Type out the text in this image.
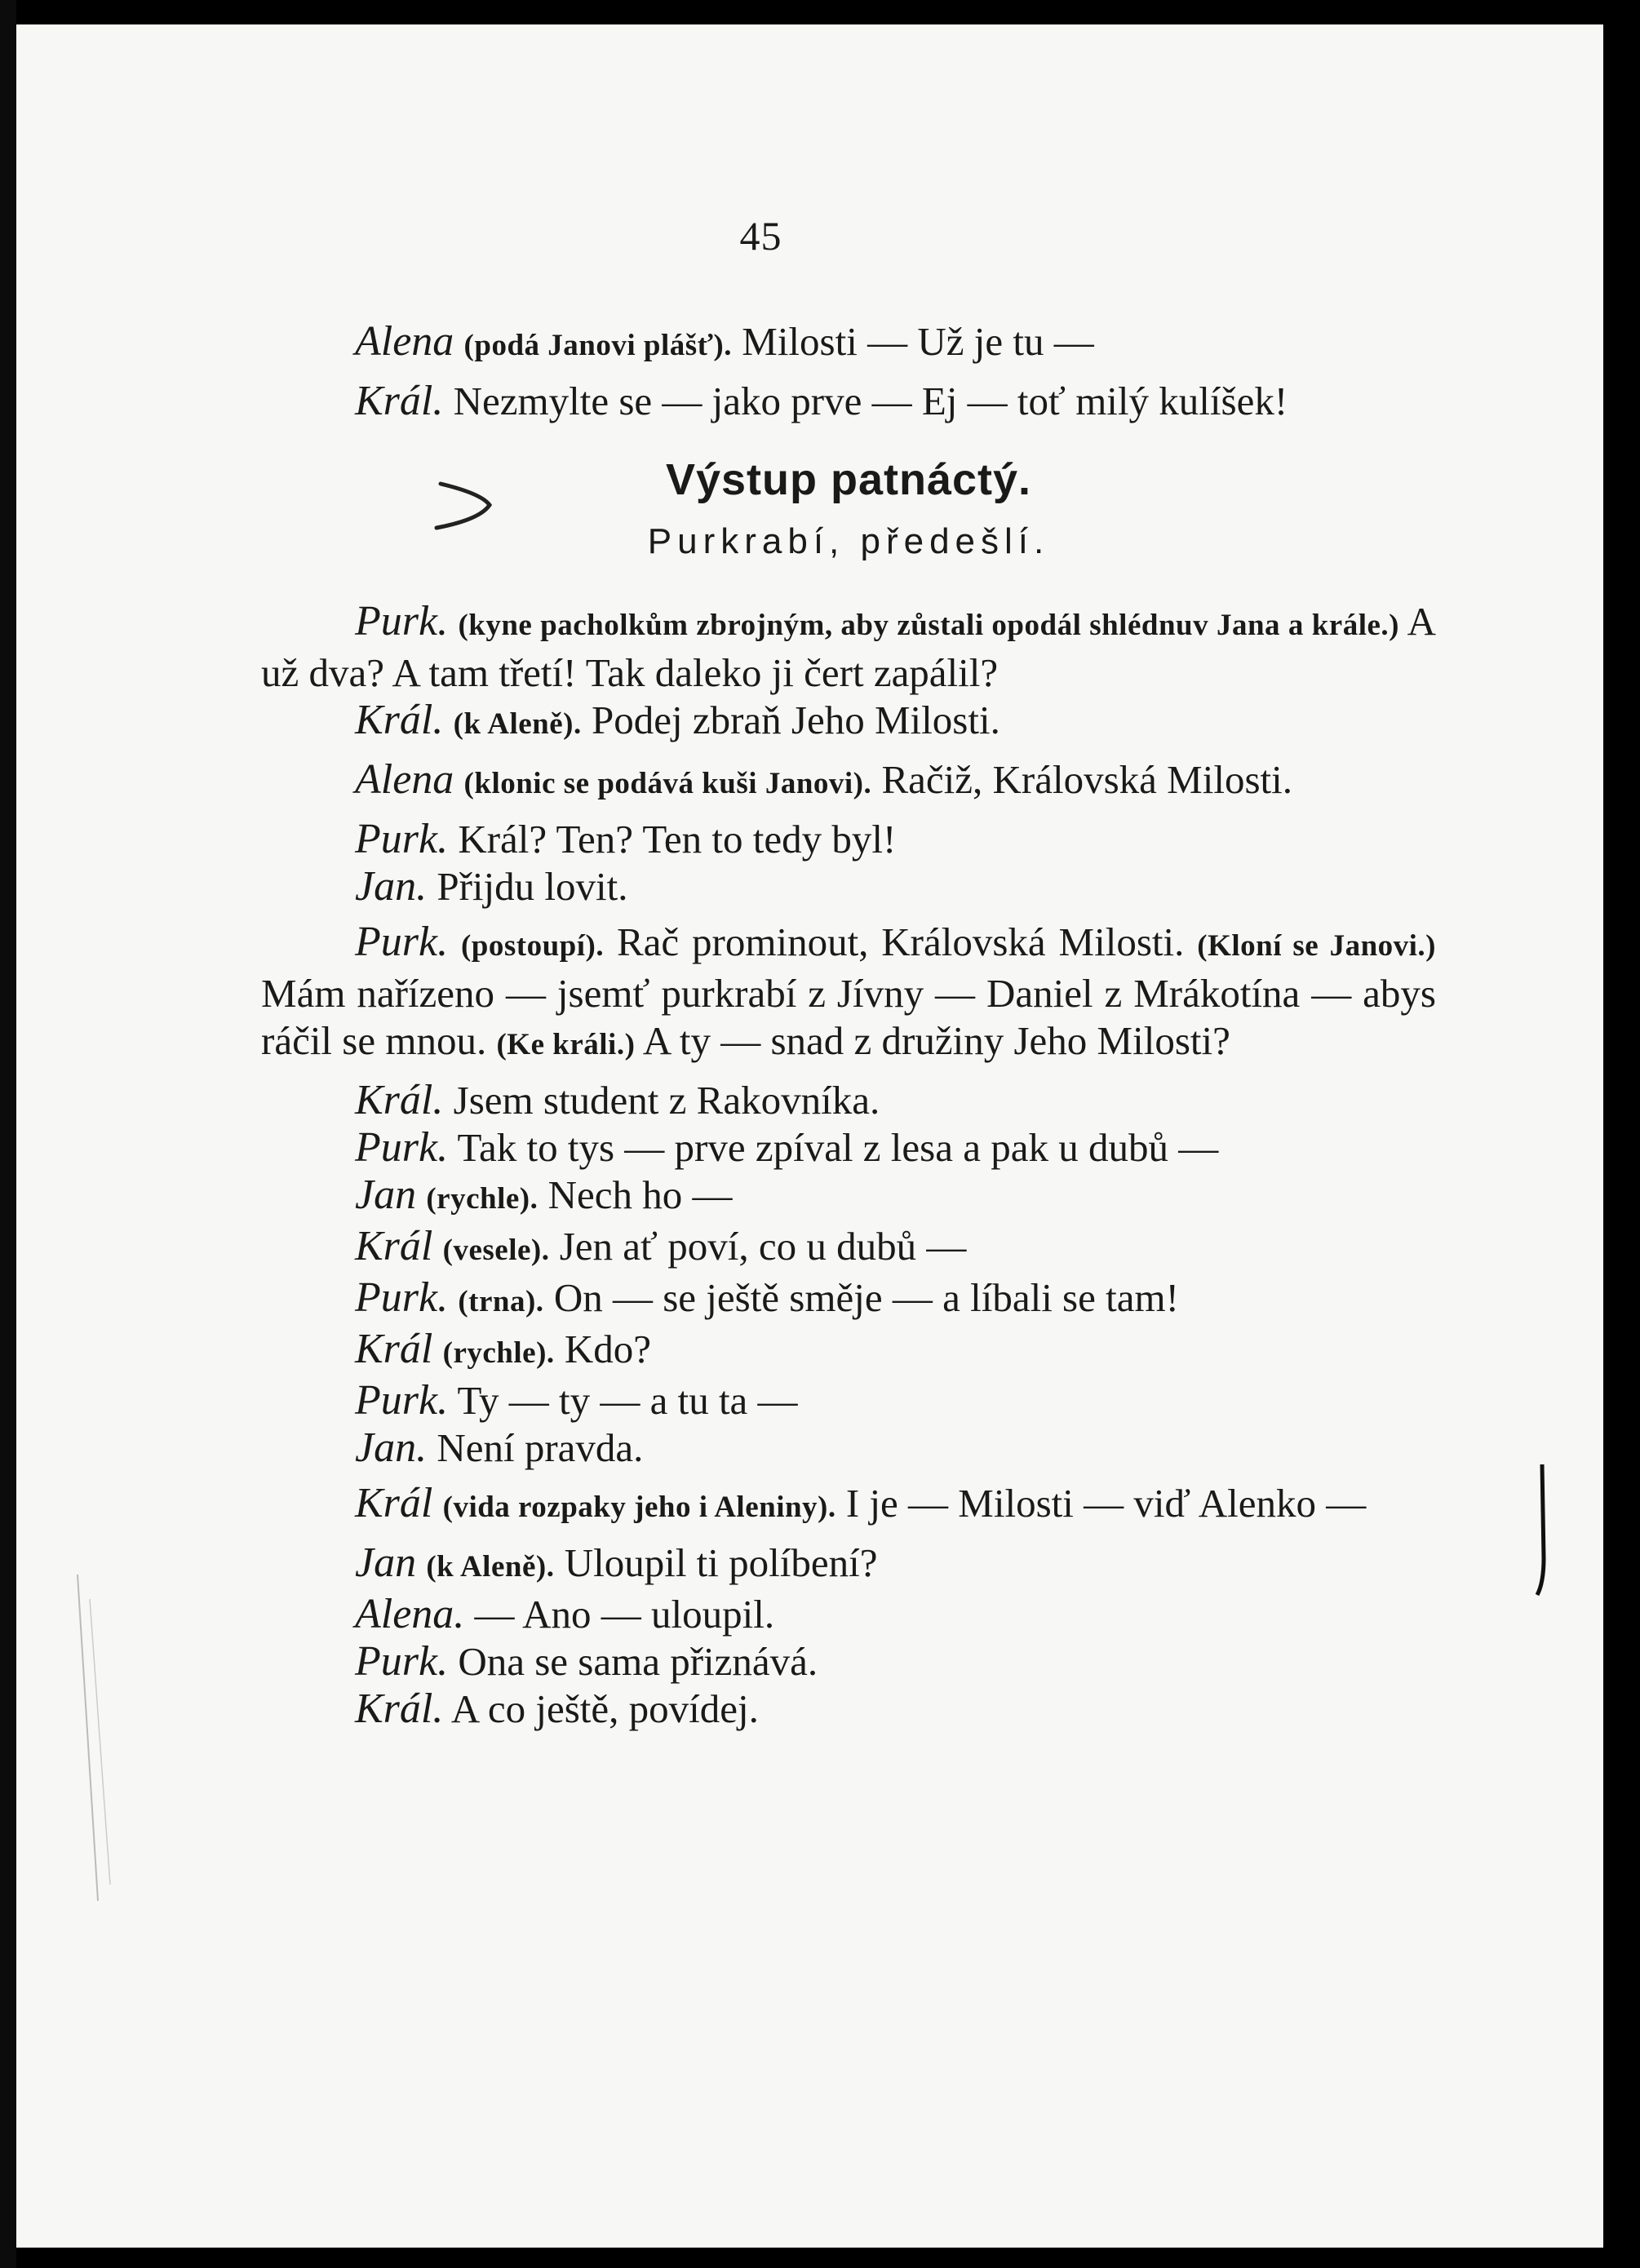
45

Alena (podá Janovi plášť). Milosti — Už je tu —

Král. Nezmylte se — jako prve — Ej — toť milý kulíšek!

Výstup patnáctý.
Purkrabí, předešlí.

Purk. (kyne pacholkům zbrojným, aby zůstali opodál shlédnuv Jana a krále.) A už dva? A tam třetí! Tak daleko ji čert zapálil?

Král. (k Aleně). Podej zbraň Jeho Milosti.

Alena (klonic se podává kuši Janovi). Račiž, Královská Milosti.

Purk. Král? Ten? Ten to tedy byl!

Jan. Přijdu lovit.

Purk. (postoupí). Rač prominout, Královská Milosti. (Kloní se Janovi.) Mám nařízeno — jsemť purkrabí z Jívny — Daniel z Mrákotína — abys ráčil se mnou. (Ke králi.) A ty — snad z družiny Jeho Milosti?

Král. Jsem student z Rakovníka.

Purk. Tak to tys — prve zpíval z lesa a pak u dubů —

Jan (rychle). Nech ho —

Král (vesele). Jen ať poví, co u dubů —

Purk. (trna). On — se ještě směje — a líbali se tam!

Král (rychle). Kdo?

Purk. Ty — ty — a tu ta —

Jan. Není pravda.

Král (vida rozpaky jeho i Aleniny). I je — Milosti — viď Alenko —

Jan (k Aleně). Uloupil ti políbení?

Alena. — Ano — uloupil.

Purk. Ona se sama přiznává.

Král. A co ještě, povídej.
